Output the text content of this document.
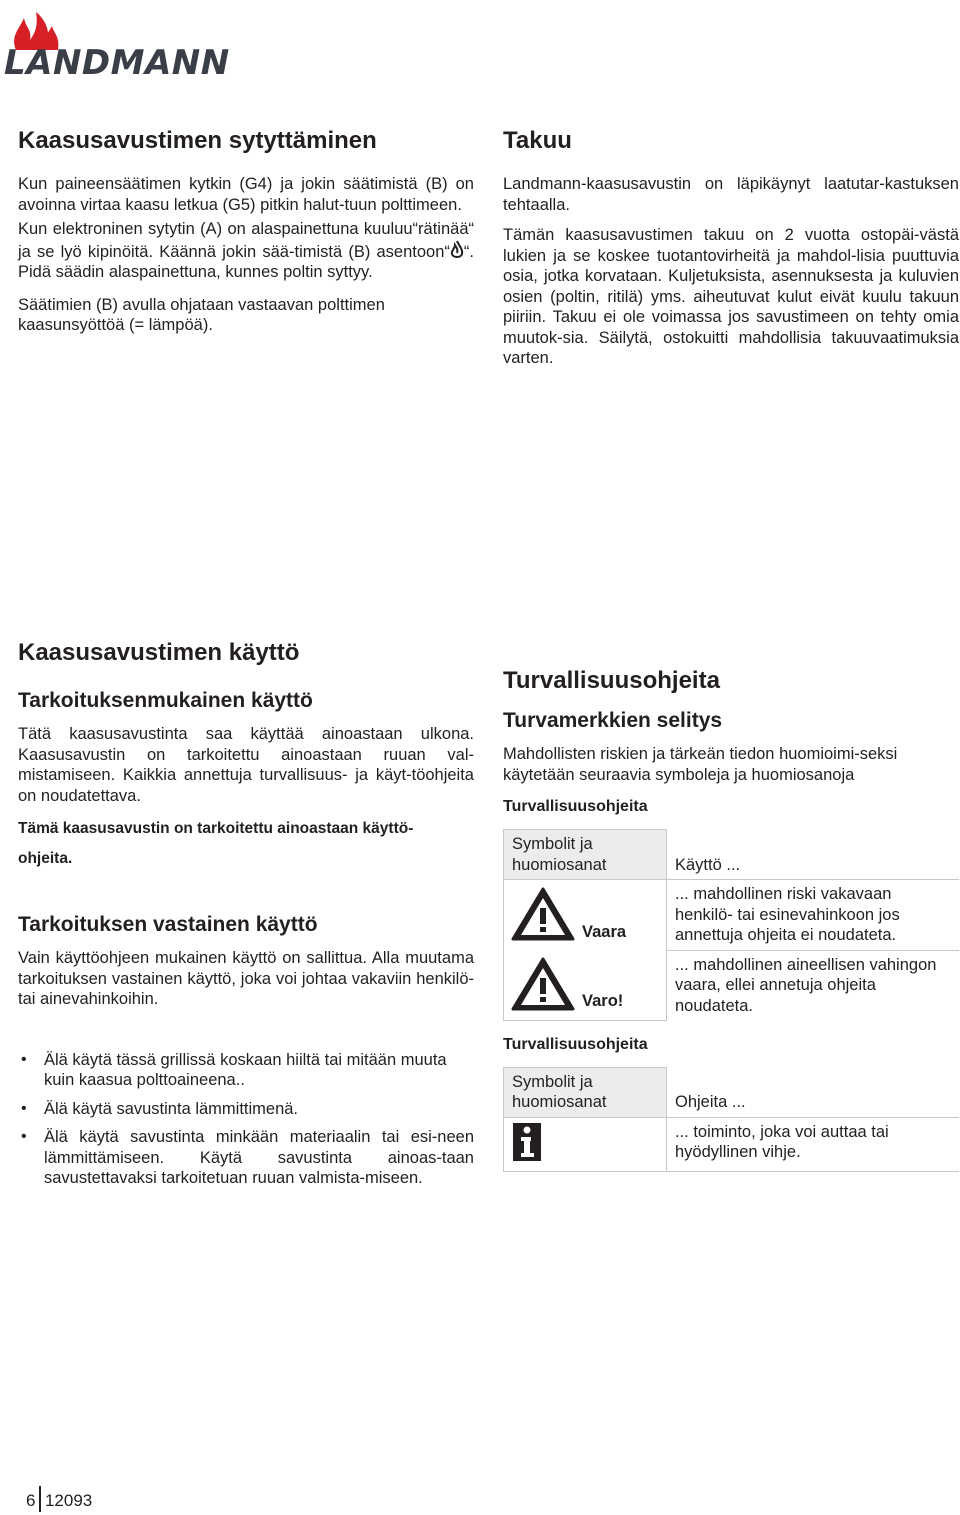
LANDMANN
Kaasusavustimen sytyttäminen

Kun paineensäätimen kytkin (G4) ja jokin säätimistä (B) on avoinna virtaa kaasu letkua (G5) pitkin halut-tuun polttimeen.

Kun elektroninen sytytin (A) on alaspainettuna kuuluu“rätinää“ ja se lyö kipinöitä. Käännä jokin sää-timistä (B) asentoon“ “. Pidä säädin alaspainettuna, kunnes poltin syttyy.

Säätimien (B) avulla ohjataan vastaavan polttimen kaasunsyöttöä (= lämpöä).

Takuu

Landmann-kaasusavustin on läpikäynyt laatutar-kastuksen tehtaalla.

Tämän kaasusavustimen takuu on 2 vuotta ostopäi-västä lukien ja se koskee tuotantovirheitä ja mahdol-lisia puuttuvia osia, jotka korvataan. Kuljetuksista, asennuksesta ja kuluvien osien (poltin, ritilä) yms. aiheutuvat kulut eivät kuulu takuun piiriin. Takuu ei ole voimassa jos savustimeen on tehty omia muutok-sia. Säilytä, ostokuitti mahdollisia takuuvaatimuksia varten.

Kaasusavustimen käyttö
Tarkoituksenmukainen käyttö

Tätä kaasusavustinta saa käyttää ainoastaan ulkona. Kaasusavustin on tarkoitettu ainoastaan ruuan val-mistamiseen. Kaikkia annettuja turvallisuus- ja käyt-töohjeita on noudatettava.

Tämä kaasusavustin on tarkoitettu ainoastaan käyttö-
ohjeita.
Tarkoituksen vastainen käyttö

Vain käyttöohjeen mukainen käyttö on sallittua. Alla muutama tarkoituksen vastainen käyttö, joka voi johtaa vakaviin henkilö- tai ainevahinkoihin.

• Älä käytä tässä grillissä koskaan hiiltä tai mitään muuta kuin kaasua polttoaineena..
• Älä käytä savustinta lämmittimenä.
• Älä käytä savustinta minkään materiaalin tai esi-neen lämmittämiseen. Käytä savustinta ainoas-taan savustettavaksi tarkoitetuan ruuan valmista-miseen.
Turvallisuusohjeita
Turvamerkkien selitys

Mahdollisten riskien ja tärkeän tiedon huomioimi-seksi käytetään seuraavia symboleja ja huomiosanoja

Turvallisuusohjeita
Symbolit ja huomiosanat	Käyttö ...

Vaara	... mahdollinen riski vakavaan henkilö- tai esinevahinkoon jos annettuja ohjeita ei noudateta.

Varo!	... mahdollinen aineellisen vahingon vaara, ellei annetuja ohjeita noudateta.
Turvallisuusohjeita
Symbolit ja huomiosanat	Ohjeita ...
	... toiminto, joka voi auttaa tai hyödyllinen vihje.
6 12093
